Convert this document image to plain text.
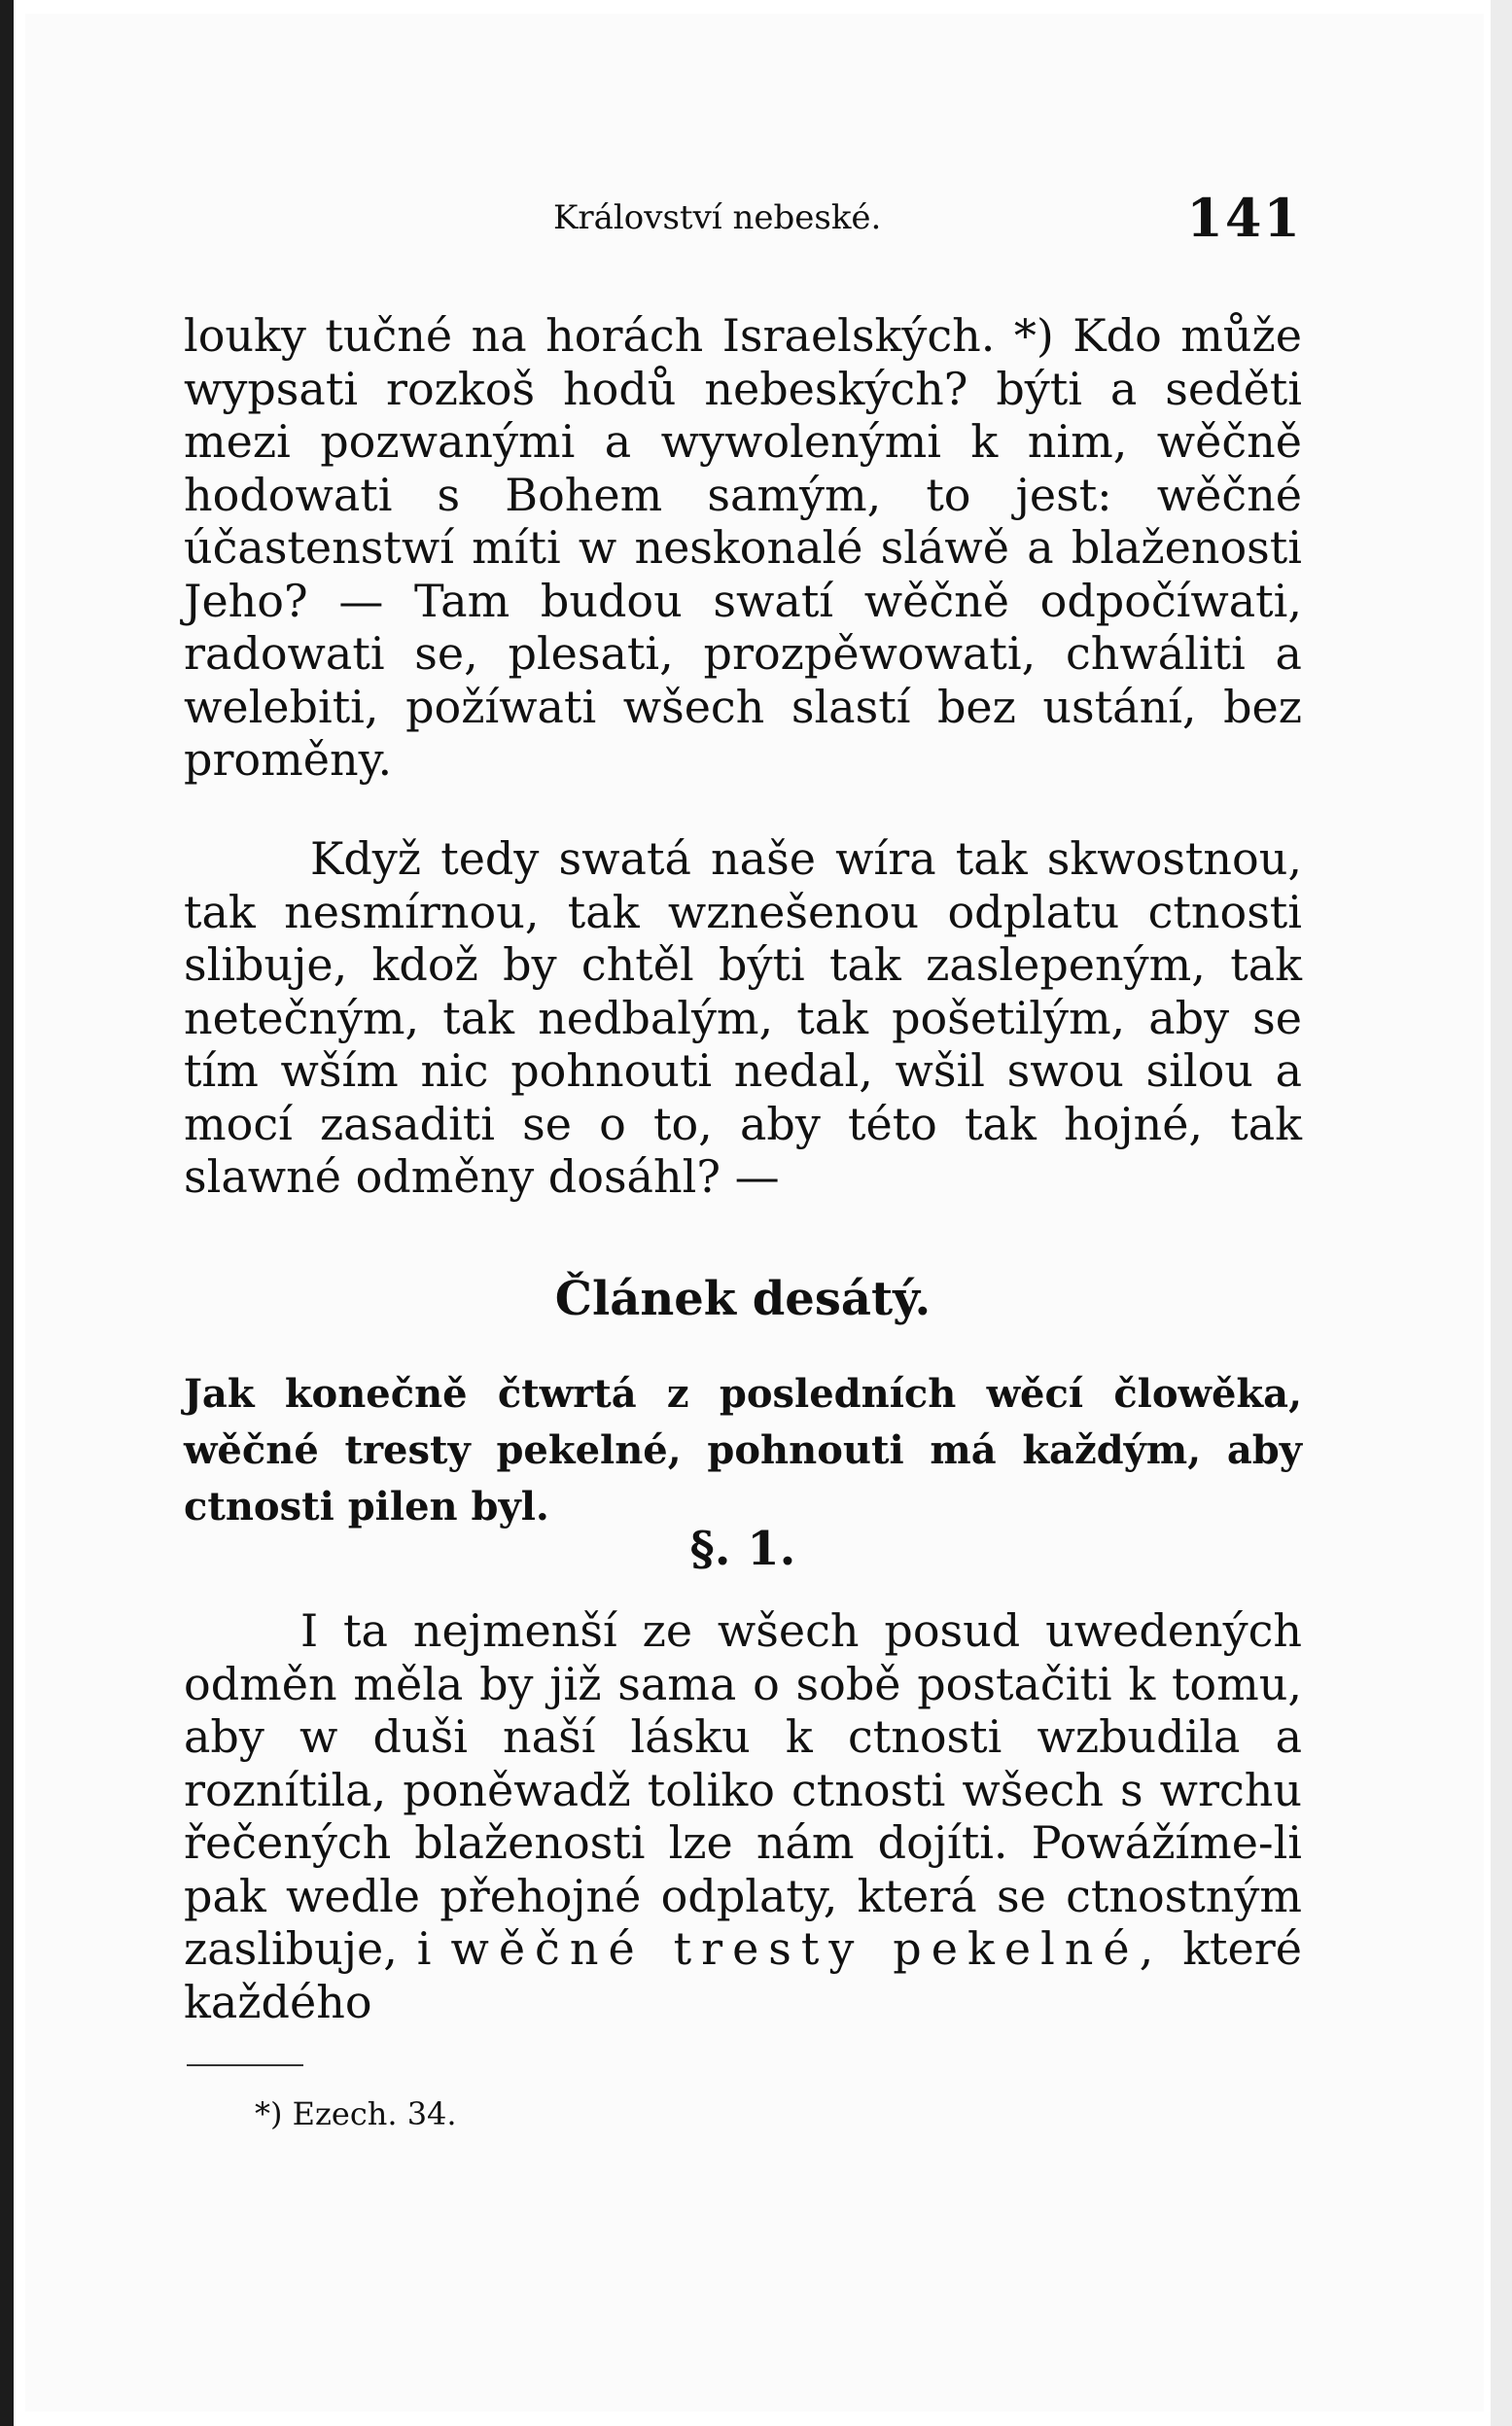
Království nebeské.	141

louky tučné na horách Israelských. *) Kdo může wypsati rozkoš hodů nebeských? býti a seděti mezi pozwanými a wywolenými k nim, wěčně hodowati s Bohem samým, to jest: wěčné účastenstwí míti w neskonalé sláwě a blaženosti Jeho? — Tam budou swatí wěčně odpočíwati, radowati se, plesati, prozpěwowati, chwáliti a welebiti, požíwati wšech slastí bez ustání, bez proměny.

Když tedy swatá naše wíra tak skwostnou, tak nesmírnou, tak wznešenou odplatu ctnosti slibuje, kdož by chtěl býti tak zaslepeným, tak netečným, tak nedbalým, tak pošetilým, aby se tím wším nic pohnouti nedal, wšil swou silou a mocí zasaditi se o to, aby této tak hojné, tak slawné odměny dosáhl? —

Článek desátý.

Jak konečně čtwrtá z posledních wěcí člowěka, wěčné tresty pekelné, pohnouti má každým, aby ctnosti pilen byl.

§. 1.

I ta nejmenší ze wšech posud uwedených odměn měla by již sama o sobě postačiti k tomu, aby w duši naší lásku k ctnosti wzbudila a roznítila, poněwadž toliko ctnosti wšech s wrchu řečených blaženosti lze nám dojíti. Powážíme-li pak wedle přehojné odplaty, která se ctnostným zaslibuje, i wěčné tresty pekelné, které každého

*) Ezech. 34.
